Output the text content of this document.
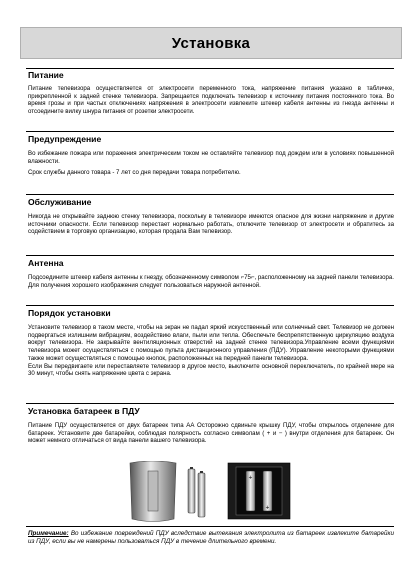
Установка

Питание

Питание телевизора осуществляется от электросети переменного тока, напряжение питания указано в табличке, прикрепленной к задней стенке телевизора. Запрещается подключать телевизор к источнику питания постоянного тока. Во время грозы и при частых отключениях напряжения в электросети извлеките штекер кабеля антенны из гнезда антенны и отсоедините вилку шнура питания от розетки электросети.

Предупреждение

Во избежание пожара или поражения электрическим током не оставляйте телевизор под дождем или в условиях повышенной влажности.

Срок службы данного товара - 7 лет со дня передачи товара потребителю.

Обслуживание

Никогда не открывайте заднюю стенку телевизора, поскольку в телевизоре имеются опасное для жизни напряжение и другие источники опасности. Если телевизор перестает нормально работать, отключите телевизор от электросети и обратитесь за содействием в торговую организацию, которая продала Вам телевизор.

Антенна

Подсоедините штекер кабеля антенны к гнезду, обозначенному символом ⌐75⌐, расположенному на задней панели телевизора. Для получения хорошего изображения следует пользоваться наружной антенной.

Порядок установки

Установите телевизор в таком месте, чтобы на экран не падал яркий искусственный или солнечный свет. Телевизор не должен подвергаться излишним вибрациям, воздействию влаги, пыли или тепла. Обеспечьте беспрепятственную циркуляцию воздуха вокруг телевизора. Не закрывайте вентиляционных отверстий на задней стенке телевизора.Управление всеми функциями телевизора может осуществляться с помощью пульта дистанционного управления (ПДУ). Управление некоторыми функциями также может осуществляться с помощью кнопок, расположенных на передней панели телевизора.

Если Вы передвигаете или переставляете телевизор в другое место, выключите основной переключатель, по крайней мере на 30 минут, чтобы снять напряжение цвета с экрана.

Установка батареек в ПДУ

Питание ПДУ осуществляется от двух батареек типа АА Осторожно сдвиньте крышку ПДУ, чтобы открылось отделение для батареек. Установите две батарейки, соблюдая полярность согласно символам ( + и − ) внутри отделения для батареек. Он может немного отличаться от вида панели вашего телевизора.

+
+
Примечание: Во избежание повреждений ПДУ вследствие вытекания электролита из батареек извлеките батарейки из ПДУ, если вы не намерены пользоваться ПДУ в течение длительного времени.
